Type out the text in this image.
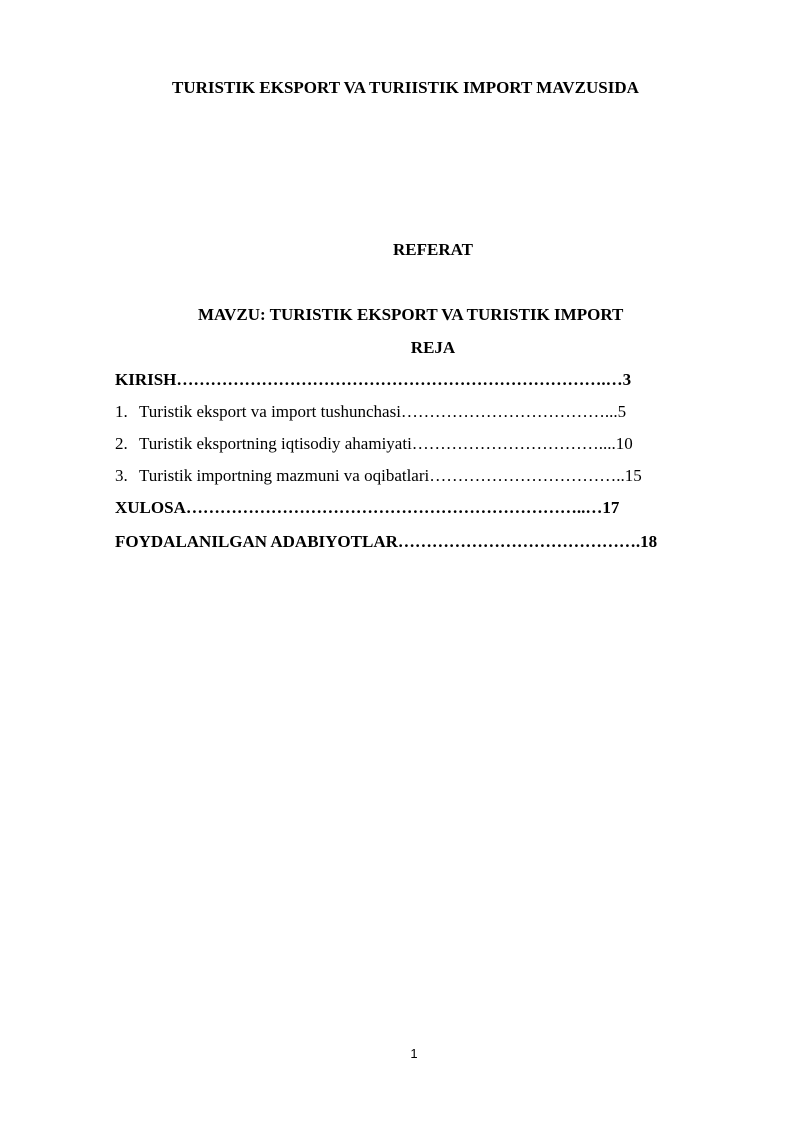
TURISTIK EKSPORT VA TURIISTIK IMPORT MAVZUSIDA
REFERAT
MAVZU: TURISTIK EKSPORT VA TURISTIK IMPORT
REJA
KIRISH………………………………………………………………….…3
1. Turistik eksport va import tushunchasi………………………………...5
2. Turistik eksportning iqtisodiy ahamiyati……………………………....10
3. Turistik importning mazmuni va oqibatlari……………………………..15
XULOSA……………………………………………………………..…17
FOYDALANILGAN ADABIYOTLAR…………………………………….18
1
